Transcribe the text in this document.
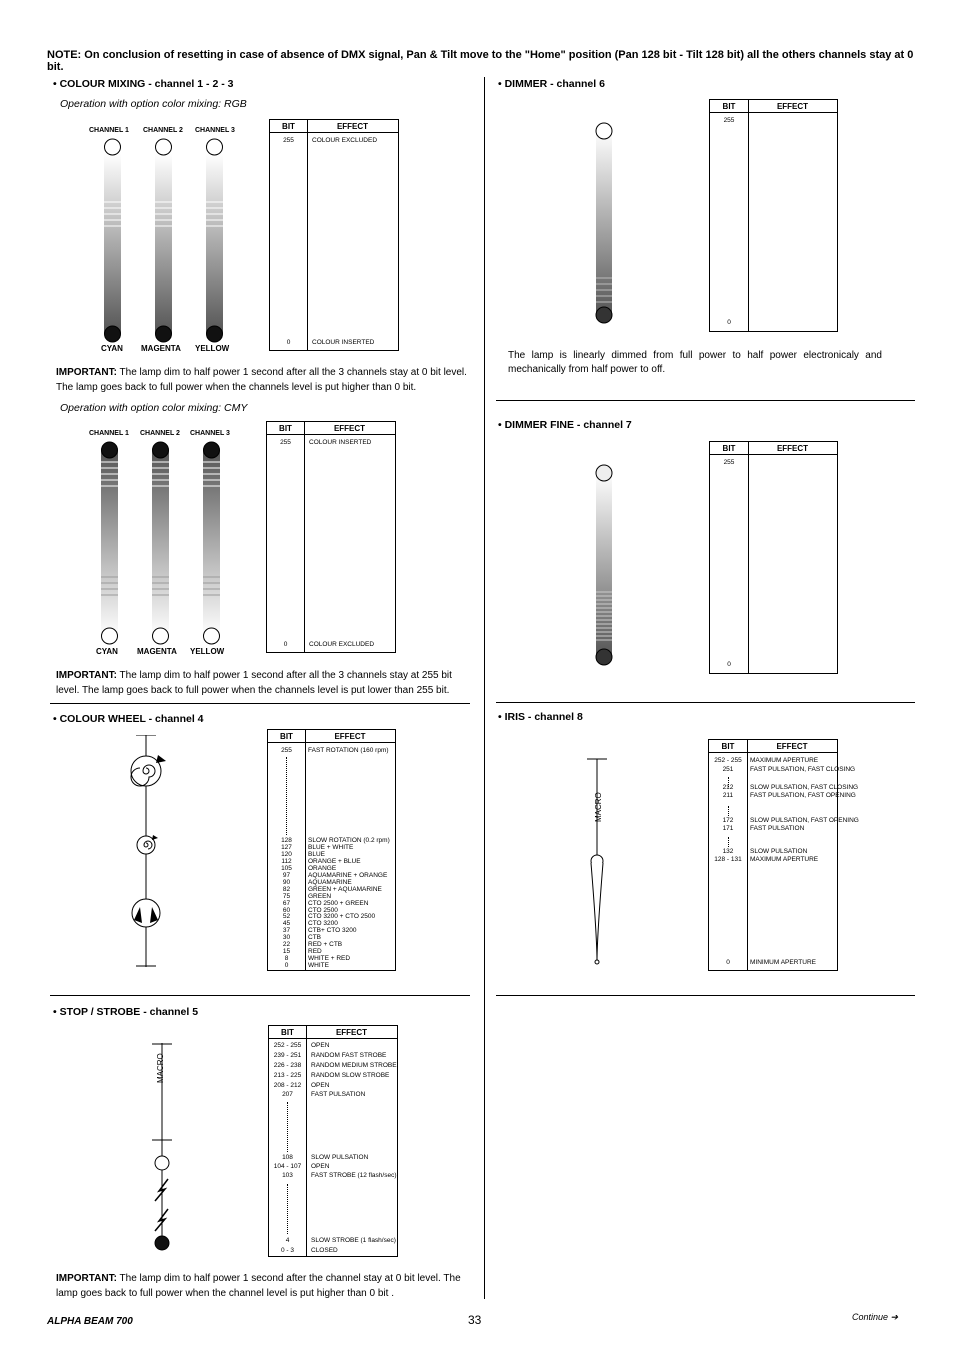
NOTE: On conclusion of resetting in case of absence of DMX signal, Pan & Tilt move to the "Home" position (Pan 128 bit - Tilt 128 bit) all the others channels stay at 0 bit.
• COLOUR MIXING - channel 1 - 2 - 3
Operation with option color mixing: RGB
CHANNEL 1 CHANNEL 2 CHANNEL 3
CYAN MAGENTA YELLOW
BIT	EFFECT
255	COLOUR EXCLUDED
0	COLOUR INSERTED
IMPORTANT: The lamp dim to half power 1 second after all the 3 channels stay at 0 bit level. The lamp goes back to full power when the channels level is put higher than 0 bit.
Operation with option color mixing: CMY
CHANNEL 1 CHANNEL 2 CHANNEL 3
CYAN MAGENTA YELLOW
BIT	EFFECT
255	COLOUR INSERTED
0	COLOUR EXCLUDED
IMPORTANT: The lamp dim to half power 1 second after all the 3 channels stay at 255 bit level. The lamp goes back to full power when the channels level is put lower than 255 bit.
• COLOUR WHEEL - channel 4
BIT	EFFECT
255	FAST ROTATION (160 rpm)
128	SLOW ROTATION (0.2 rpm)
127	BLUE + WHITE
120	BLUE
112	ORANGE + BLUE
105	ORANGE
97	AQUAMARINE + ORANGE
90	AQUAMARINE
82	GREEN + AQUAMARINE
75	GREEN
67	CTO 2500 + GREEN
60	CTO 2500
52	CTO 3200 + CTO 2500
45	CTO 3200
37	CTB+ CTO 3200
30	CTB
22	RED + CTB
15	RED
8	WHITE + RED
0	WHITE
• STOP / STROBE - channel 5
MACRO
BIT	EFFECT
252 - 255	OPEN
239 - 251	RANDOM FAST STROBE
226 - 238	RANDOM MEDIUM STROBE
213 - 225	RANDOM SLOW STROBE
208 - 212	OPEN
207	FAST PULSATION
108	SLOW PULSATION
104 - 107	OPEN
103	FAST STROBE (12 flash/sec)
4	SLOW STROBE (1 flash/sec)
0 - 3	CLOSED
IMPORTANT: The lamp dim to half power 1 second after the channel stay at 0 bit level. The lamp goes back to full power when the channel level is put higher than 0 bit .
• DIMMER - channel 6
BIT	EFFECT
255
0
The lamp is linearly dimmed from full power to half power electronicaly and mechanically from half power to off.
• DIMMER FINE - channel 7
BIT	EFFECT
255
0
• IRIS - channel 8
MACRO
BIT	EFFECT
252 - 255	MAXIMUM APERTURE
251	FAST PULSATION, FAST CLOSING
212	SLOW PULSATION, FAST CLOSING
211	FAST PULSATION, FAST OPENING
172	SLOW PULSATION, FAST OPENING
171	FAST PULSATION
132	SLOW PULSATION
128 - 131	MAXIMUM APERTURE
0	MINIMUM APERTURE
ALPHA BEAM 700	33	Continue ➔
